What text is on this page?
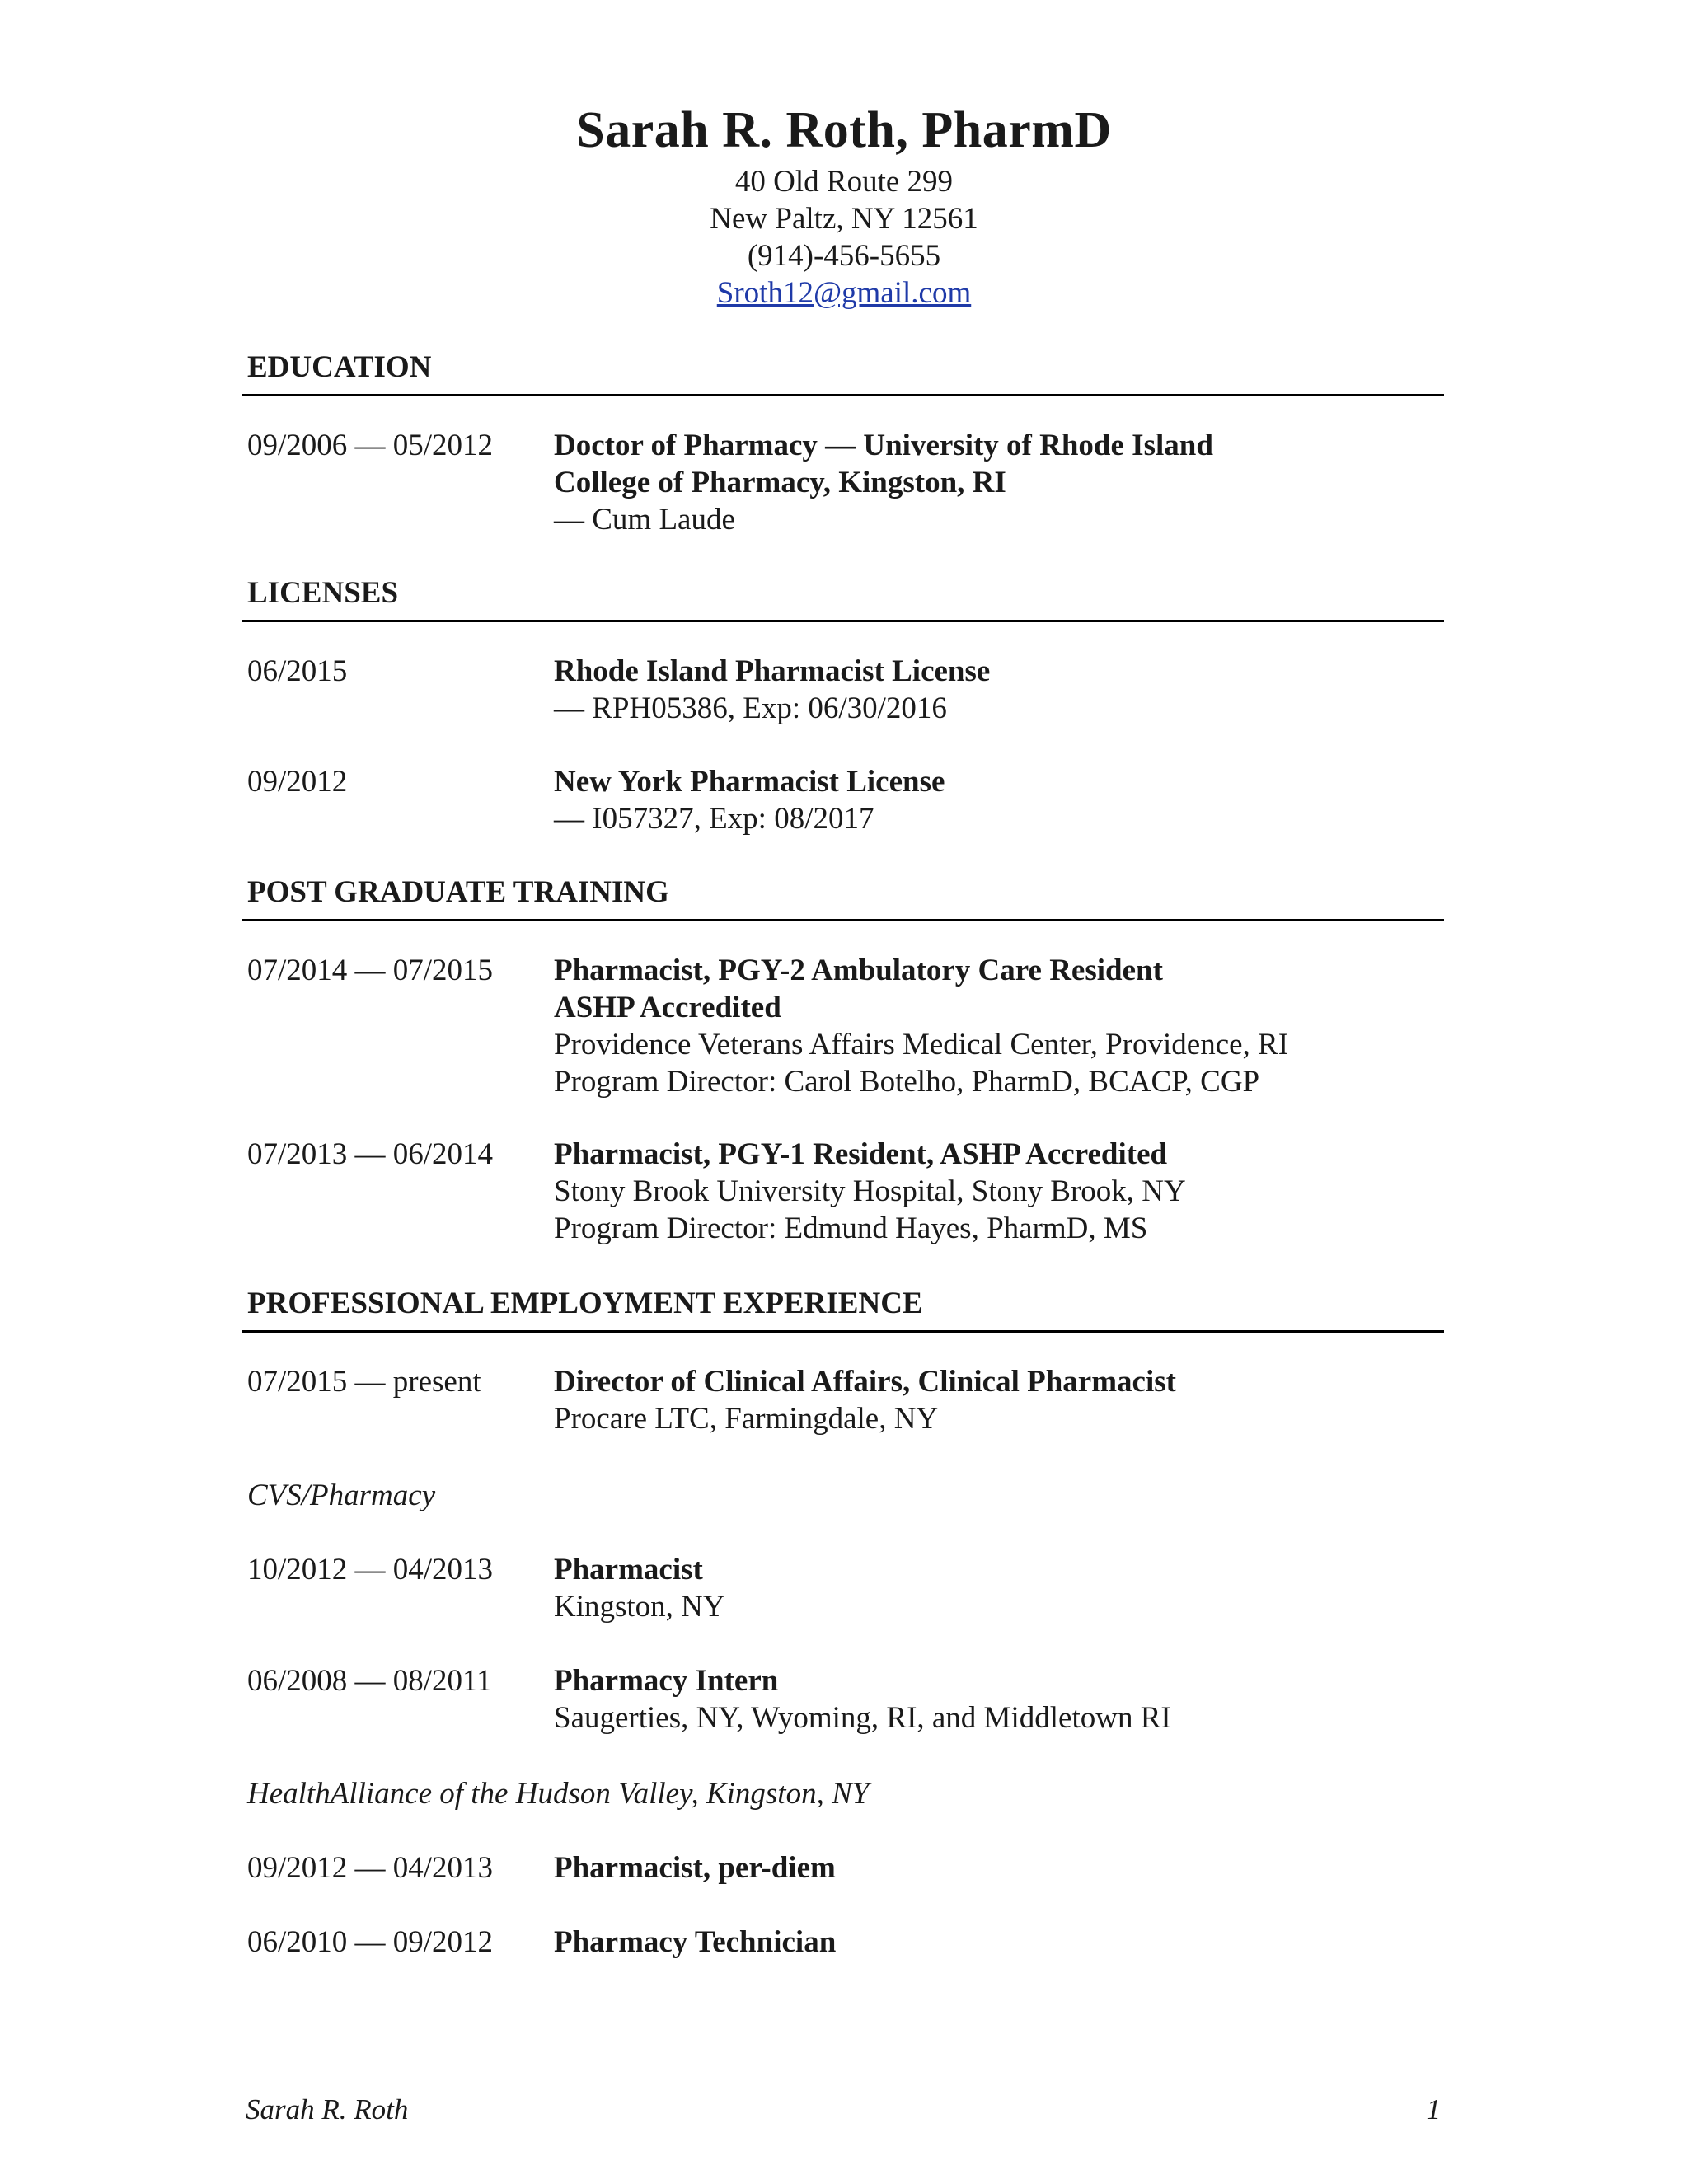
Sarah R. Roth, PharmD
40 Old Route 299
New Paltz, NY 12561
(914)-456-5655
Sroth12@gmail.com
EDUCATION
09/2006 — 05/2012 Doctor of Pharmacy — University of Rhode Island
College of Pharmacy, Kingston, RI
— Cum Laude
LICENSES
06/2015	Rhode Island Pharmacist License
— RPH05386, Exp: 06/30/2016
09/2012	New York Pharmacist License
— I057327, Exp: 08/2017
POST GRADUATE TRAINING
07/2014 — 07/2015 Pharmacist, PGY-2 Ambulatory Care Resident
ASHP Accredited
Providence Veterans Affairs Medical Center, Providence, RI
Program Director: Carol Botelho, PharmD, BCACP, CGP
07/2013 — 06/2014 Pharmacist, PGY-1 Resident, ASHP Accredited
Stony Brook University Hospital, Stony Brook, NY
Program Director: Edmund Hayes, PharmD, MS
PROFESSIONAL EMPLOYMENT EXPERIENCE
07/2015 — present Director of Clinical Affairs, Clinical Pharmacist
Procare LTC, Farmingdale, NY
CVS/Pharmacy
10/2012 — 04/2013 Pharmacist
Kingston, NY
06/2008 — 08/2011 Pharmacy Intern
Saugerties, NY, Wyoming, RI, and Middletown RI
HealthAlliance of the Hudson Valley, Kingston, NY
09/2012 — 04/2013 Pharmacist, per-diem
06/2010 — 09/2012 Pharmacy Technician
Sarah R. Roth	1
